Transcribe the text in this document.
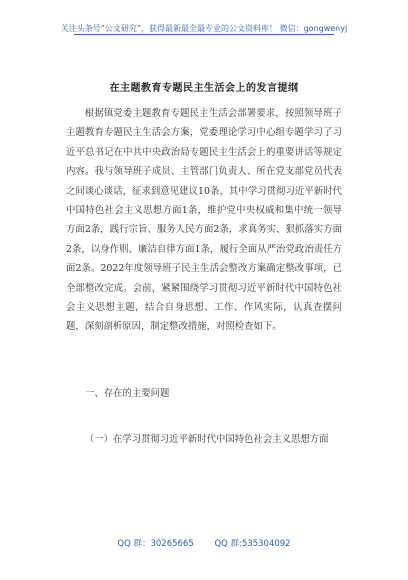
关注头条号“公文研究”，获得最新最全最专业的公文资料库！ 微信：gongwenyj
在主题教育专题民主生活会上的发言提纲

根据镇党委主题教育专题民主生活会部署要求，按照领导班子主题教育专题民主生活会方案，党委理论学习中心组专题学习了习近平总书记在中共中央政治局专题民主生活会上的重要讲话等规定内容。我与领导班子成员、主管部门负责人、所在党支部党员代表之间谈心谈话，征求到意见建议10条，其中学习贯彻习近平新时代中国特色社会主义思想方面1条，维护党中央权威和集中统一领导方面2条，践行宗旨、服务人民方面2条，求真务实、狠抓落实方面2条，以身作则、廉洁自律方面1条，履行全面从严治党政治责任方面2条。2022年度领导班子民主生活会整改方案确定整改事项，已全部整改完成。会前，紧紧围绕学习贯彻习近平新时代中国特色社会主义思想主题，结合自身思想、工作、作风实际，认真查摆问题，深刻剖析原因，制定整改措施，对照检查如下。

一、存在的主要问题
（一）在学习贯彻习近平新时代中国特色社会主义思想方面
QQ 群：30265665 QQ 群:535304092
